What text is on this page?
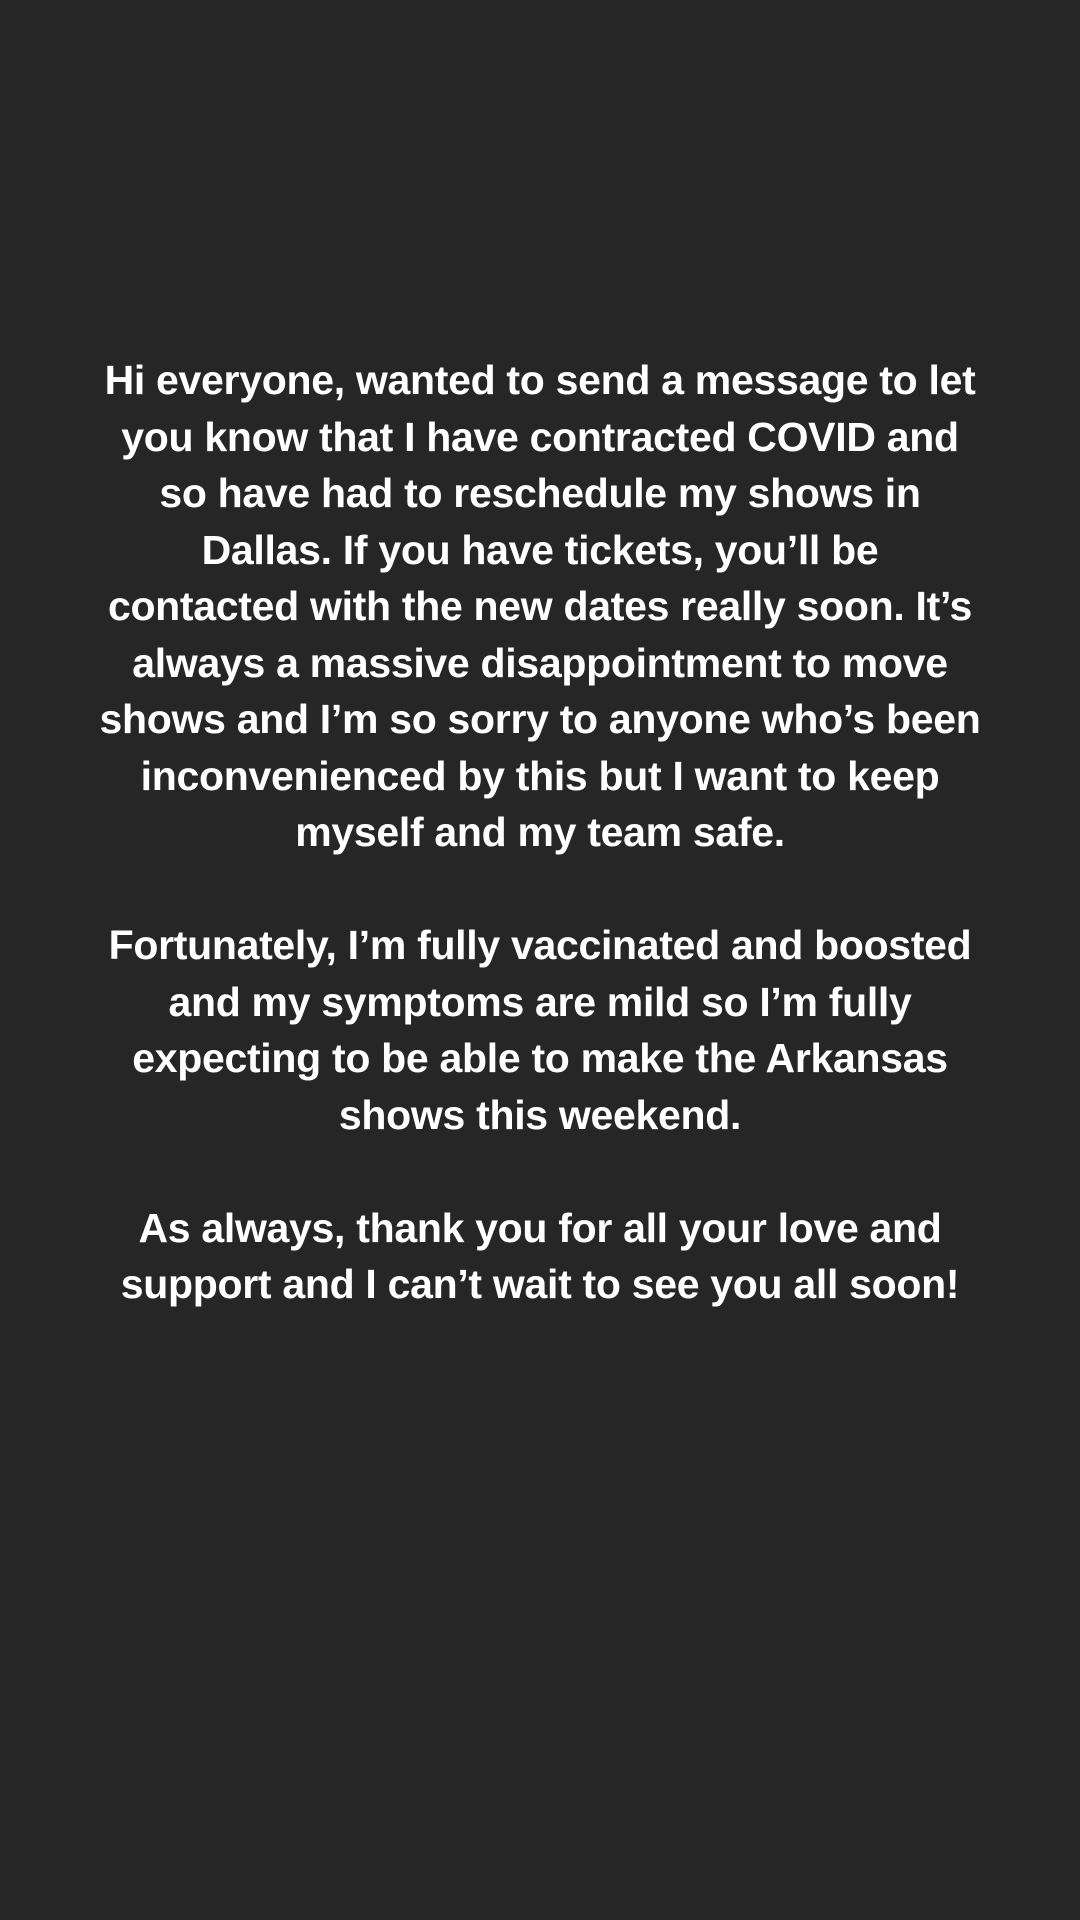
Hi everyone, wanted to send a message to let
you know that I have contracted COVID and
so have had to reschedule my shows in
Dallas. If you have tickets, you’ll be
contacted with the new dates really soon. It’s
always a massive disappointment to move
shows and I’m so sorry to anyone who’s been
inconvenienced by this but I want to keep
myself and my team safe.
Fortunately, I’m fully vaccinated and boosted
and my symptoms are mild so I’m fully
expecting to be able to make the Arkansas
shows this weekend.
As always, thank you for all your love and
support and I can’t wait to see you all soon!
